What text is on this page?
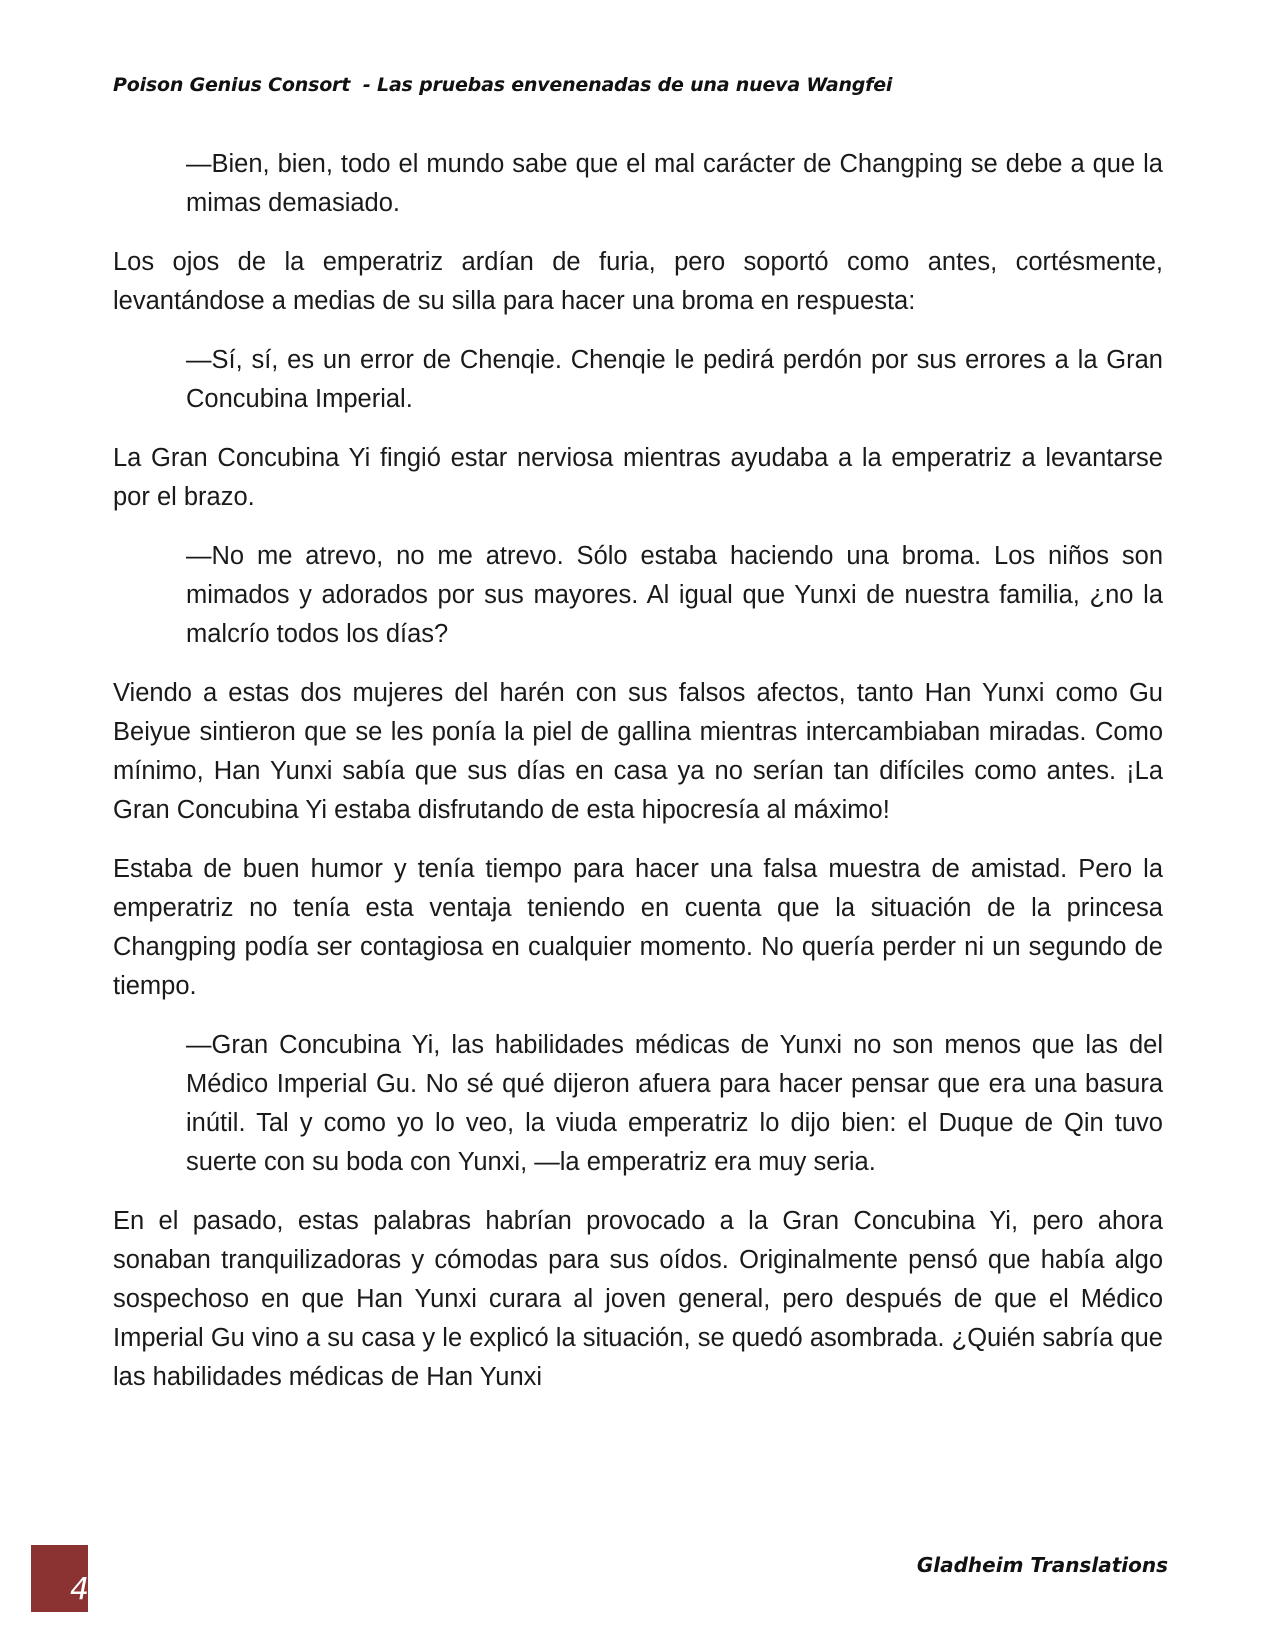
Poison Genius Consort  - Las pruebas envenenadas de una nueva Wangfei

—Bien, bien, todo el mundo sabe que el mal carácter de Changping se debe a que la mimas demasiado.

Los ojos de la emperatriz ardían de furia, pero soportó como antes, cortésmente, levantándose a medias de su silla para hacer una broma en respuesta:

—Sí, sí, es un error de Chenqie. Chenqie le pedirá perdón por sus errores a la Gran Concubina Imperial.

La Gran Concubina Yi fingió estar nerviosa mientras ayudaba a la emperatriz a levantarse por el brazo.

—No me atrevo, no me atrevo. Sólo estaba haciendo una broma. Los niños son mimados y adorados por sus mayores. Al igual que Yunxi de nuestra familia, ¿no la malcrío todos los días?

Viendo a estas dos mujeres del harén con sus falsos afectos, tanto Han Yunxi como Gu Beiyue sintieron que se les ponía la piel de gallina mientras intercambiaban miradas. Como mínimo, Han Yunxi sabía que sus días en casa ya no serían tan difíciles como antes. ¡La Gran Concubina Yi estaba disfrutando de esta hipocresía al máximo!

Estaba de buen humor y tenía tiempo para hacer una falsa muestra de amistad. Pero la emperatriz no tenía esta ventaja teniendo en cuenta que la situación de la princesa Changping podía ser contagiosa en cualquier momento. No quería perder ni un segundo de tiempo.

—Gran Concubina Yi, las habilidades médicas de Yunxi no son menos que las del Médico Imperial Gu. No sé qué dijeron afuera para hacer pensar que era una basura inútil. Tal y como yo lo veo, la viuda emperatriz lo dijo bien: el Duque de Qin tuvo suerte con su boda con Yunxi, —la emperatriz era muy seria.

En el pasado, estas palabras habrían provocado a la Gran Concubina Yi, pero ahora sonaban tranquilizadoras y cómodas para sus oídos. Originalmente pensó que había algo sospechoso en que Han Yunxi curara al joven general, pero después de que el Médico Imperial Gu vino a su casa y le explicó la situación, se quedó asombrada. ¿Quién sabría que las habilidades médicas de Han Yunxi

4
Gladheim Translations
